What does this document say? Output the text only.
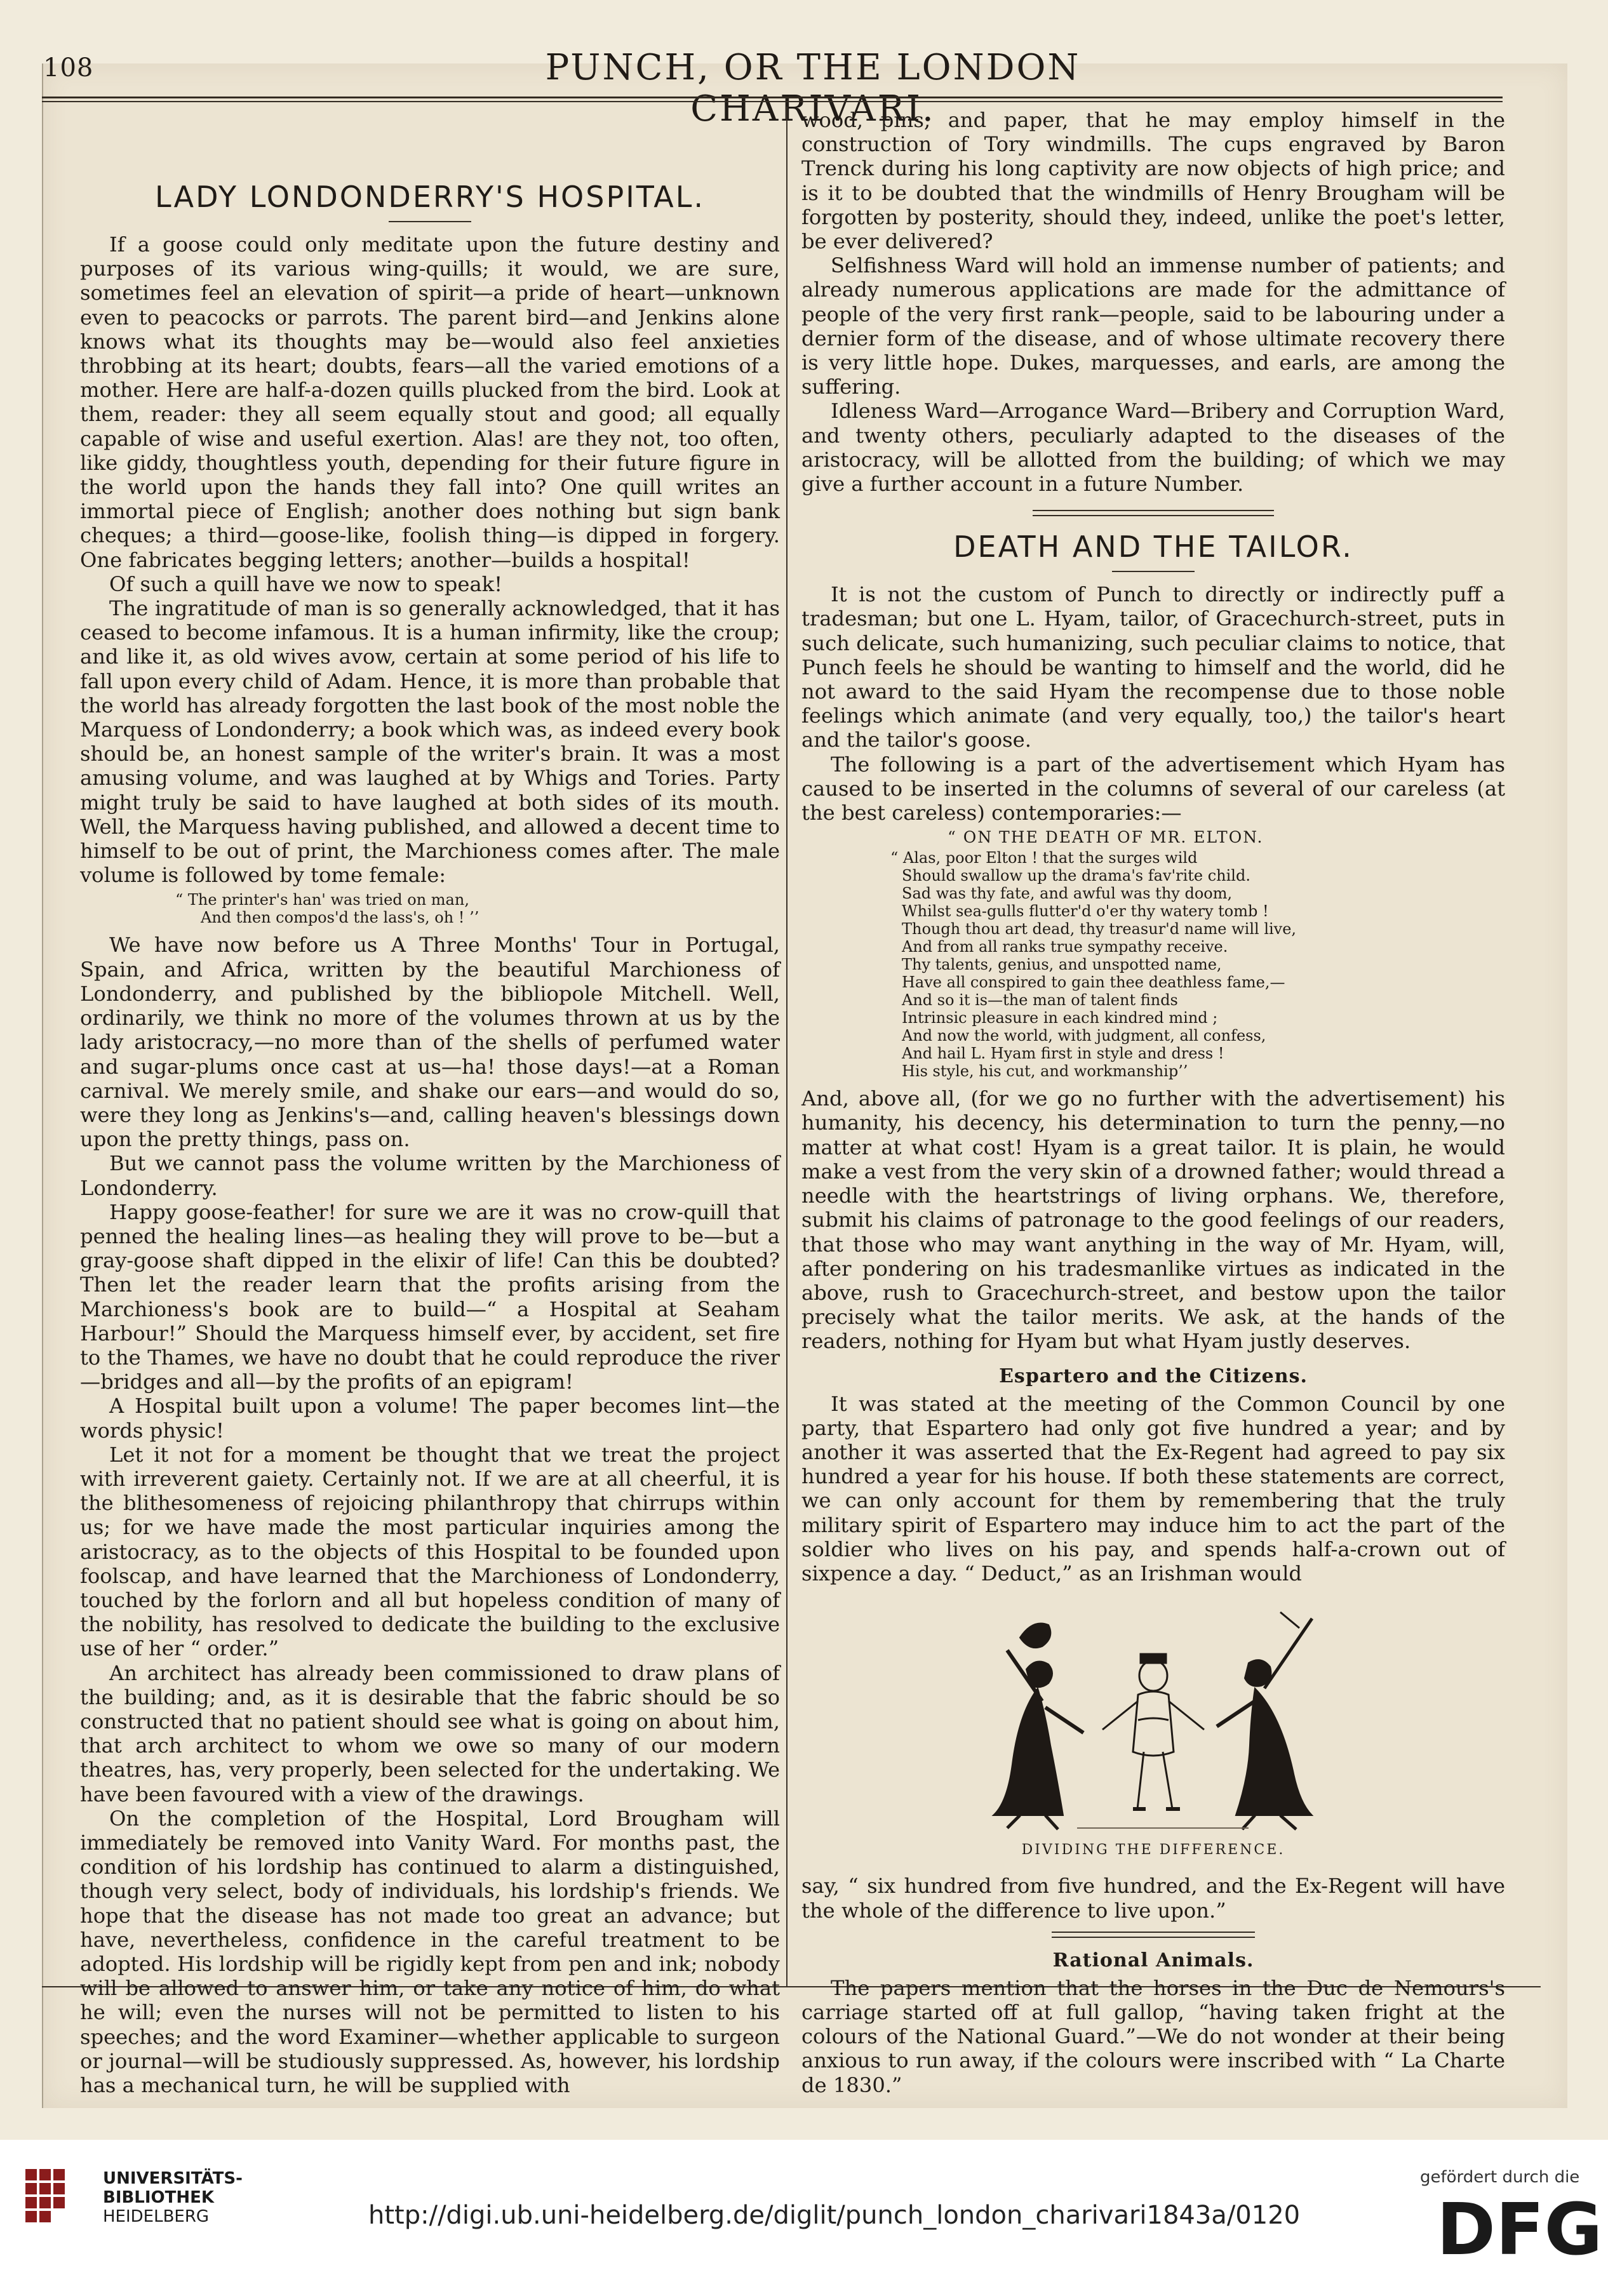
108	PUNCH, OR THE LONDON CHARIVARI.
LADY LONDONDERRY'S HOSPITAL.

If a goose could only meditate upon the future destiny and purposes of its various wing-quills; it would, we are sure, sometimes feel an elevation of spirit—a pride of heart—unknown even to peacocks or parrots. The parent bird—and Jenkins alone knows what its thoughts may be—would also feel anxieties throbbing at its heart; doubts, fears—all the varied emotions of a mother. Here are half-a-dozen quills plucked from the bird. Look at them, reader: they all seem equally stout and good; all equally capable of wise and useful exertion. Alas! are they not, too often, like giddy, thoughtless youth, depending for their future figure in the world upon the hands they fall into? One quill writes an immortal piece of English; another does nothing but sign bank cheques; a third—goose-like, foolish thing—is dipped in forgery. One fabricates begging letters; another—builds a hospital!

Of such a quill have we now to speak!

The ingratitude of man is so generally acknowledged, that it has ceased to become infamous. It is a human infirmity, like the croup; and like it, as old wives avow, certain at some period of his life to fall upon every child of Adam. Hence, it is more than probable that the world has already forgotten the last book of the most noble the Marquess of Londonderry; a book which was, as indeed every book should be, an honest sample of the writer's brain. It was a most amusing volume, and was laughed at by Whigs and Tories. Party might truly be said to have laughed at both sides of its mouth. Well, the Marquess having published, and allowed a decent time to himself to be out of print, the Marchioness comes after. The male volume is followed by tome female:

“ The printer's han' was tried on man,
And then compos'd the lass's, oh ! ’’

We have now before us A Three Months' Tour in Portugal, Spain, and Africa, written by the beautiful Marchioness of Londonderry, and published by the bibliopole Mitchell. Well, ordinarily, we think no more of the volumes thrown at us by the lady aristocracy,—no more than of the shells of perfumed water and sugar-plums once cast at us—ha! those days!—at a Roman carnival. We merely smile, and shake our ears—and would do so, were they long as Jenkins's—and, calling heaven's blessings down upon the pretty things, pass on.

But we cannot pass the volume written by the Marchioness of Londonderry.

Happy goose-feather! for sure we are it was no crow-quill that penned the healing lines—as healing they will prove to be—but a gray-goose shaft dipped in the elixir of life! Can this be doubted? Then let the reader learn that the profits arising from the Marchioness's book are to build—“ a Hospital at Seaham Harbour!” Should the Marquess himself ever, by accident, set fire to the Thames, we have no doubt that he could reproduce the river—bridges and all—by the profits of an epigram!

A Hospital built upon a volume! The paper becomes lint—the words physic!

Let it not for a moment be thought that we treat the project with irreverent gaiety. Certainly not. If we are at all cheerful, it is the blithesomeness of rejoicing philanthropy that chirrups within us; for we have made the most particular inquiries among the aristocracy, as to the objects of this Hospital to be founded upon foolscap, and have learned that the Marchioness of Londonderry, touched by the forlorn and all but hopeless condition of many of the nobility, has resolved to dedicate the building to the exclusive use of her “ order.”

An architect has already been commissioned to draw plans of the building; and, as it is desirable that the fabric should be so constructed that no patient should see what is going on about him, that arch architect to whom we owe so many of our modern theatres, has, very properly, been selected for the undertaking. We have been favoured with a view of the drawings.

On the completion of the Hospital, Lord Brougham will immediately be removed into Vanity Ward. For months past, the condition of his lordship has continued to alarm a distinguished, though very select, body of individuals, his lordship's friends. We hope that the disease has not made too great an advance; but have, nevertheless, confidence in the careful treatment to be adopted. His lordship will be rigidly kept from pen and ink; nobody will be allowed to answer him, or take any notice of him, do what he will; even the nurses will not be permitted to listen to his speeches; and the word Examiner—whether applicable to surgeon or journal—will be studiously suppressed. As, however, his lordship has a mechanical turn, he will be supplied with

wood, pins, and paper, that he may employ himself in the construction of Tory windmills. The cups engraved by Baron Trenck during his long captivity are now objects of high price; and is it to be doubted that the windmills of Henry Brougham will be forgotten by posterity, should they, indeed, unlike the poet's letter, be ever delivered?

Selfishness Ward will hold an immense number of patients; and already numerous applications are made for the admittance of people of the very first rank—people, said to be labouring under a dernier form of the disease, and of whose ultimate recovery there is very little hope. Dukes, marquesses, and earls, are among the suffering.

Idleness Ward—Arrogance Ward—Bribery and Corruption Ward, and twenty others, peculiarly adapted to the diseases of the aristocracy, will be allotted from the building; of which we may give a further account in a future Number.

DEATH AND THE TAILOR.

It is not the custom of Punch to directly or indirectly puff a tradesman; but one L. Hyam, tailor, of Gracechurch-street, puts in such delicate, such humanizing, such peculiar claims to notice, that Punch feels he should be wanting to himself and the world, did he not award to the said Hyam the recompense due to those noble feelings which animate (and very equally, too,) the tailor's heart and the tailor's goose.

The following is a part of the advertisement which Hyam has caused to be inserted in the columns of several of our careless (at the best careless) contemporaries:—

“ ON THE DEATH OF MR. ELTON.
“ Alas, poor Elton ! that the surges wild
Should swallow up the drama's fav'rite child.
Sad was thy fate, and awful was thy doom,
Whilst sea-gulls flutter'd o'er thy watery tomb !
Though thou art dead, thy treasur'd name will live,
And from all ranks true sympathy receive.
Thy talents, genius, and unspotted name,
Have all conspired to gain thee deathless fame,—
And so it is—the man of talent finds
Intrinsic pleasure in each kindred mind ;
And now the world, with judgment, all confess,
And hail L. Hyam first in style and dress !
His style, his cut, and workmanship’’

And, above all, (for we go no further with the advertisement) his humanity, his decency, his determination to turn the penny,—no matter at what cost! Hyam is a great tailor. It is plain, he would make a vest from the very skin of a drowned father; would thread a needle with the heartstrings of living orphans. We, therefore, submit his claims of patronage to the good feelings of our readers, that those who may want anything in the way of Mr. Hyam, will, after pondering on his tradesmanlike virtues as indicated in the above, rush to Gracechurch-street, and bestow upon the tailor precisely what the tailor merits. We ask, at the hands of the readers, nothing for Hyam but what Hyam justly deserves.

Espartero and the Citizens.

It was stated at the meeting of the Common Council by one party, that Espartero had only got five hundred a year; and by another it was asserted that the Ex-Regent had agreed to pay six hundred a year for his house. If both these statements are correct, we can only account for them by remembering that the truly military spirit of Espartero may induce him to act the part of the soldier who lives on his pay, and spends half-a-crown out of sixpence a day. “ Deduct,” as an Irishman would

DIVIDING THE DIFFERENCE.

say, “ six hundred from five hundred, and the Ex-Regent will have the whole of the difference to live upon.”

Rational Animals.

The papers mention that the horses in the Duc de Nemours's carriage started off at full gallop, “having taken fright at the colours of the National Guard.”—We do not wonder at their being anxious to run away, if the colours were inscribed with “ La Charte de 1830.”

UNIVERSITÄTS-
BIBLIOTHEK
HEIDELBERG	http://digi.ub.uni-heidelberg.de/diglit/punch_london_charivari1843a/0120
gefördert durch die
DFG
